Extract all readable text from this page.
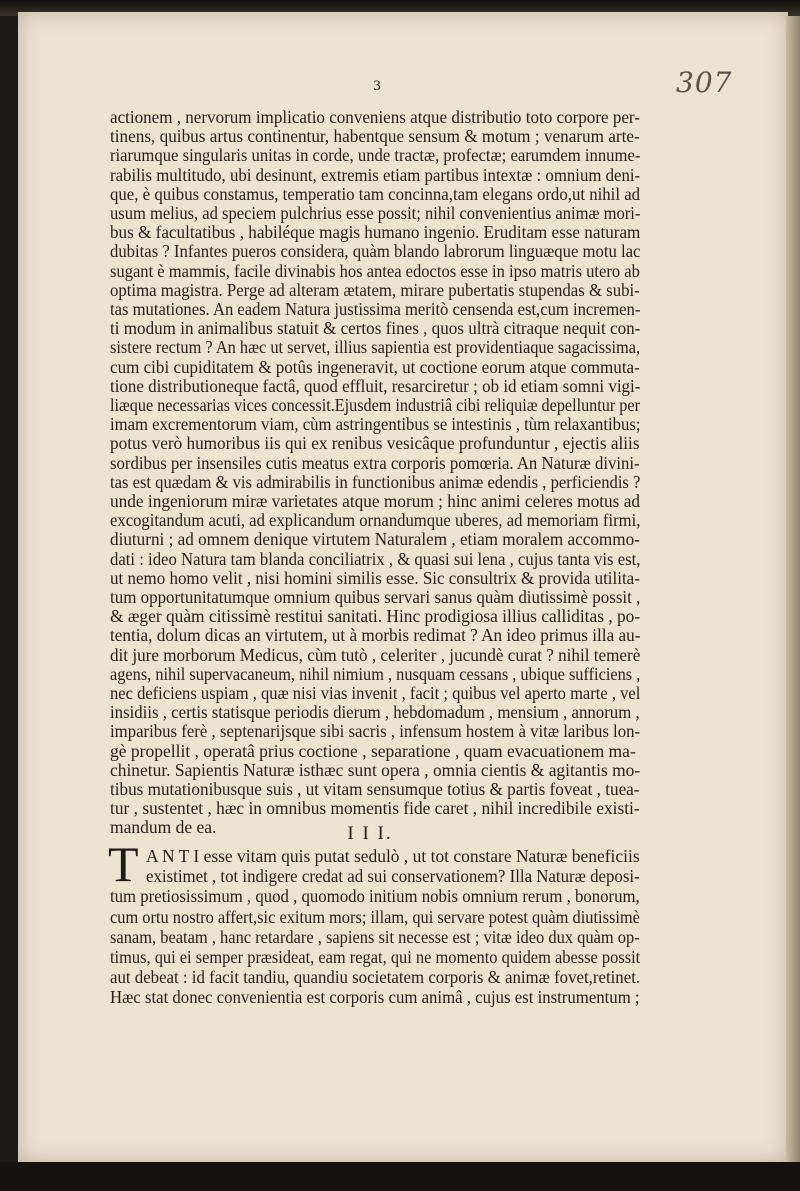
307
3
actionem , nervorum implicatio conveniens atque distributio toto corpore per-
tinens, quibus artus continentur, habentque sensum & motum ; venarum arte-
riarumque singularis unitas in corde, unde tractæ, profectæ; earumdem innume-
rabilis multitudo, ubi desinunt, extremis etiam partibus intextæ : omnium deni-
que, è quibus constamus, temperatio tam concinna,tam elegans ordo,ut nihil ad
usum melius, ad speciem pulchrius esse possit; nihil convenientius animæ mori-
bus & facultatibus , habiléque magis humano ingenio. Eruditam esse naturam
dubitas ? Infantes pueros considera, quàm blando labrorum linguæque motu lac
sugant è mammis, facile divinabis hos antea edoctos esse in ipso matris utero ab
optima magistra. Perge ad alteram ætatem, mirare pubertatis stupendas & subi-
tas mutationes. An eadem Natura justissima meritò censenda est,cum incremen-
ti modum in animalibus statuit & certos fines , quos ultrà citraque nequit con-
sistere rectum ? An hæc ut servet, illius sapientia est providentiaque sagacissima,
cum cibi cupiditatem & potûs ingeneravit, ut coctione eorum atque commuta-
tione distributioneque factâ, quod effluit, resarciretur ; ob id etiam somni vigi-
liæque necessarias vices concessit.Ejusdem industriâ cibi reliquiæ depelluntur per
imam excrementorum viam, cùm astringentibus se intestinis , tùm relaxantibus;
potus verò humoribus iis qui ex renibus vesicâque profunduntur , ejectis aliis
sordibus per insensiles cutis meatus extra corporis pomœria. An Naturæ divini-
tas est quædam & vis admirabilis in functionibus animæ edendis , perficiendis ?
unde ingeniorum miræ varietates atque morum ; hinc animi celeres motus ad
excogitandum acuti, ad explicandum ornandumque uberes, ad memoriam firmi,
diuturni ; ad omnem denique virtutem Naturalem , etiam moralem accommo-
dati : ideo Natura tam blanda conciliatrix , & quasi sui lena , cujus tanta vis est,
ut nemo homo velit , nisi homini similis esse. Sic consultrix & provida utilita-
tum opportunitatumque omnium quibus servari sanus quàm diutissimè possit ,
& æger quàm citissimè restitui sanitati. Hinc prodigiosa illius calliditas , po-
tentia, dolum dicas an virtutem, ut à morbis redimat ? An ideo primus illa au-
dit jure morborum Medicus, cùm tutò , celeriter , jucundè curat ? nihil temerè
agens, nihil supervacaneum, nihil nimium , nusquam cessans , ubique sufficiens ,
nec deficiens uspiam , quæ nisi vias invenit , facit ; quibus vel aperto marte , vel
insidiis , certis statisque periodis dierum , hebdomadum , mensium , annorum ,
imparibus ferè , septenarijsque sibi sacris , infensum hostem à vitæ laribus lon-
gè propellit , operatâ prius coctione , separatione , quam evacuationem ma-
chinetur. Sapientis Naturæ isthæc sunt opera , omnia cientis & agitantis mo-
tibus mutationibusque suis , ut vitam sensumque totius & partis foveat , tuea-
tur , sustentet , hæc in omnibus momentis fide caret , nihil incredibile existi-
mandum de ea.	I I I.
T A N T I esse vitam quis putat sedulò , ut tot constare Naturæ beneficiis
existimet , tot indigere credat ad sui conservationem? Illa Naturæ deposi-
tum pretiosissimum , quod , quomodo initium nobis omnium rerum , bonorum,
cum ortu nostro affert,sic exitum mors; illam, qui servare potest quàm diutissimè
sanam, beatam , hanc retardare , sapiens sit necesse est ; vitæ ideo dux quàm op-
timus, qui ei semper præsideat, eam regat, qui ne momento quidem abesse possit
aut debeat : id facit tandiu, quandiu societatem corporis & animæ fovet,retinet.
Hæc stat donec convenientia est corporis cum animâ , cujus est instrumentum ;
